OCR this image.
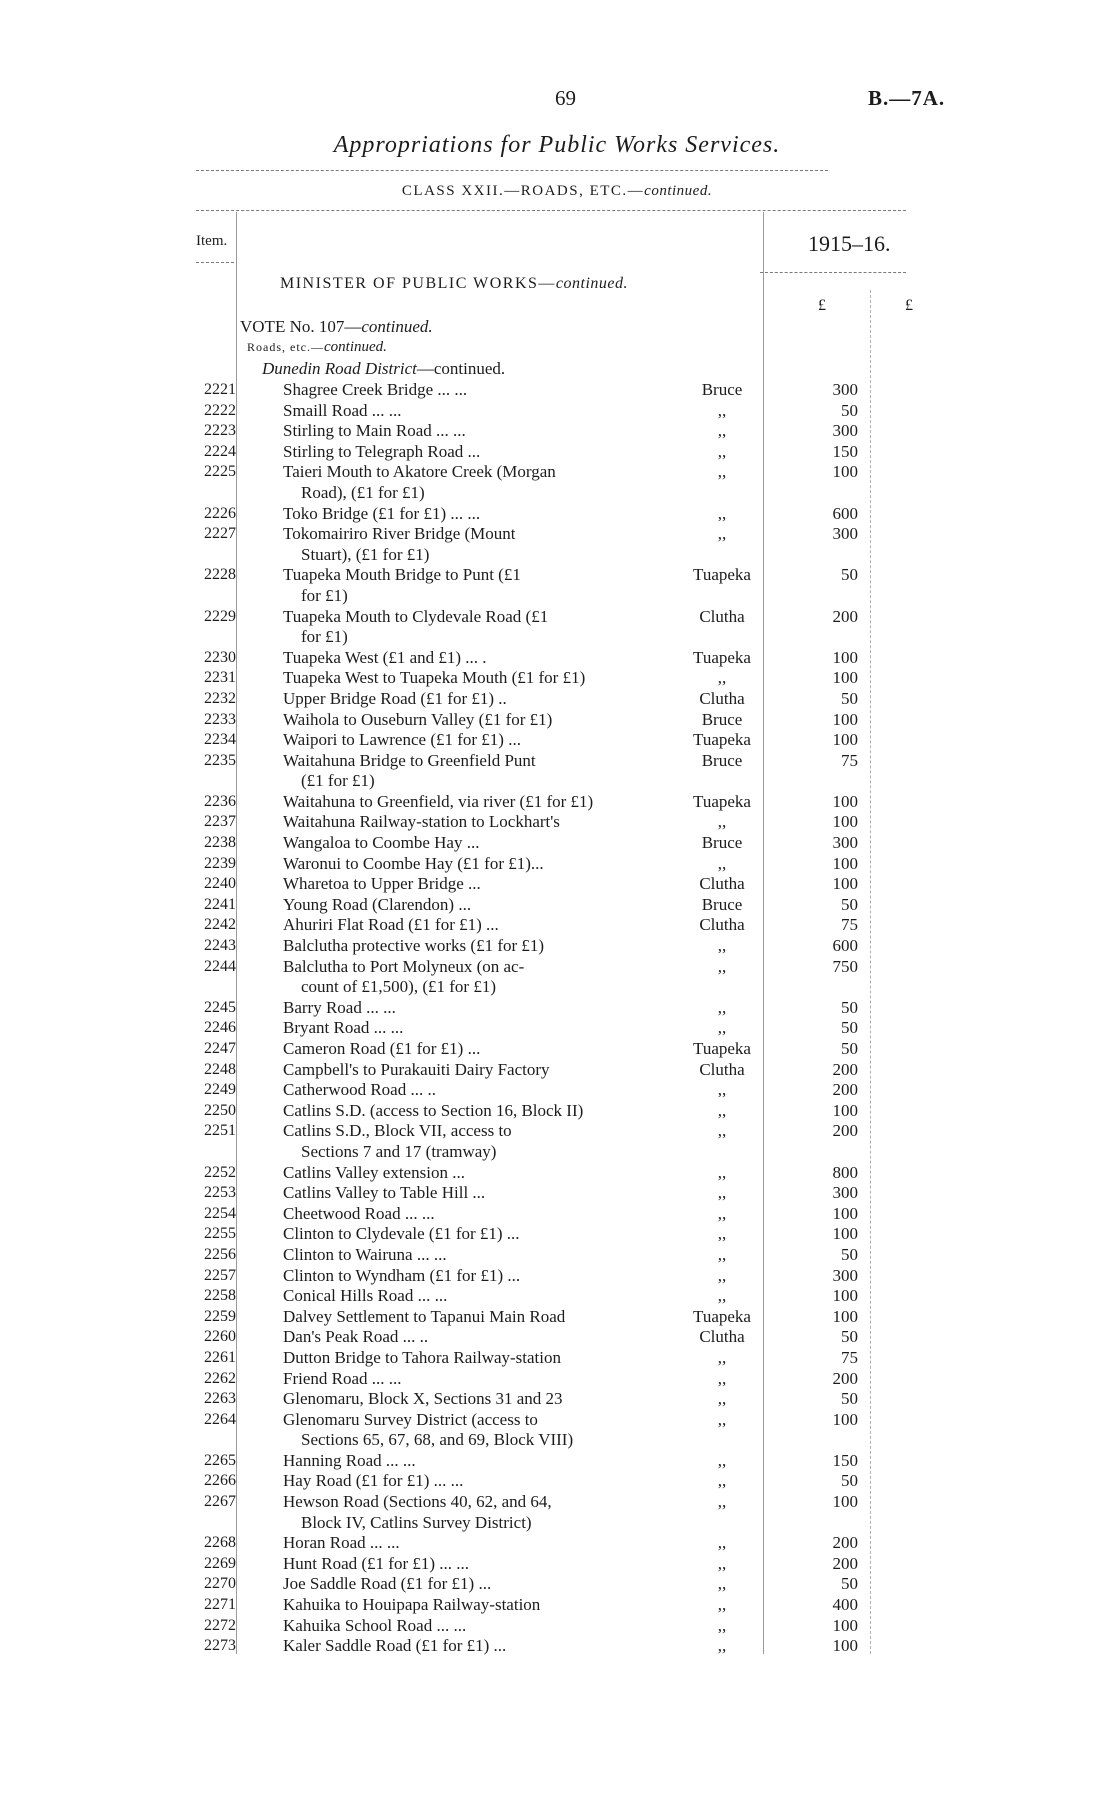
69	B.—7A.
Appropriations for Public Works Services.
CLASS XXII.—ROADS, ETC.—continued.
Item.	1915–16.
MINISTER OF PUBLIC WORKS—continued.
£	£
VOTE No. 107—continued.
Roads, etc.—continued.
Dunedin Road District—continued.
2221	Shagree Creek Bridge ... ...	Bruce	300
2222	Smaill Road ... ...	,,	50
2223	Stirling to Main Road ... ...	,,	300
2224	Stirling to Telegraph Road ...	,,	150
2225	Taieri Mouth to Akatore Creek (Morgan
Road), (£1 for £1)
,,	100
2226	Toko Bridge (£1 for £1) ... ...	,,	600
2227	Tokomairiro River Bridge (Mount
Stuart), (£1 for £1)
,,	300
2228	Tuapeka Mouth Bridge to Punt (£1
for £1)
Tuapeka	50
2229	Tuapeka Mouth to Clydevale Road (£1
for £1)
Clutha	200
2230	Tuapeka West (£1 and £1) ... .	Tuapeka	100
2231	Tuapeka West to Tuapeka Mouth (£1 for £1)	,,	100
2232	Upper Bridge Road (£1 for £1) ..	Clutha	50
2233	Waihola to Ouseburn Valley (£1 for £1)	Bruce	100
2234	Waipori to Lawrence (£1 for £1) ...	Tuapeka	100
2235	Waitahuna Bridge to Greenfield Punt
(£1 for £1)
Bruce	75
2236	Waitahuna to Greenfield, via river (£1 for £1)	Tuapeka	100
2237	Waitahuna Railway-station to Lockhart's	,,	100
2238	Wangaloa to Coombe Hay ...	Bruce	300
2239	Waronui to Coombe Hay (£1 for £1)...	,,	100
2240	Wharetoa to Upper Bridge ...	Clutha	100
2241	Young Road (Clarendon) ...	Bruce	50
2242	Ahuriri Flat Road (£1 for £1) ...	Clutha	75
2243	Balclutha protective works (£1 for £1)	,,	600
2244	Balclutha to Port Molyneux (on ac-
count of £1,500), (£1 for £1)
,,	750
2245	Barry Road ... ...	,,	50
2246	Bryant Road ... ...	,,	50
2247	Cameron Road (£1 for £1) ...	Tuapeka	50
2248	Campbell's to Purakauiti Dairy Factory	Clutha	200
2249	Catherwood Road ... ..	,,	200
2250	Catlins S.D. (access to Section 16, Block II)	,,	100
2251	Catlins S.D., Block VII, access to
Sections 7 and 17 (tramway)
,,	200
2252	Catlins Valley extension ...	,,	800
2253	Catlins Valley to Table Hill ...	,,	300
2254	Cheetwood Road ... ...	,,	100
2255	Clinton to Clydevale (£1 for £1) ...	,,	100
2256	Clinton to Wairuna ... ...	,,	50
2257	Clinton to Wyndham (£1 for £1) ...	,,	300
2258	Conical Hills Road ... ...	,,	100
2259	Dalvey Settlement to Tapanui Main Road	Tuapeka	100
2260	Dan's Peak Road ... ..	Clutha	50
2261	Dutton Bridge to Tahora Railway-station	,,	75
2262	Friend Road ... ...	,,	200
2263	Glenomaru, Block X, Sections 31 and 23	,,	50
2264	Glenomaru Survey District (access to
Sections 65, 67, 68, and 69, Block VIII)
,,	100
2265	Hanning Road ... ...	,,	150
2266	Hay Road (£1 for £1) ... ...	,,	50
2267	Hewson Road (Sections 40, 62, and 64,
Block IV, Catlins Survey District)
,,	100
2268	Horan Road ... ...	,,	200
2269	Hunt Road (£1 for £1) ... ...	,,	200
2270	Joe Saddle Road (£1 for £1) ...	,,	50
2271	Kahuika to Houipapa Railway-station	,,	400
2272	Kahuika School Road ... ...	,,	100
2273	Kaler Saddle Road (£1 for £1) ...	,,	100
